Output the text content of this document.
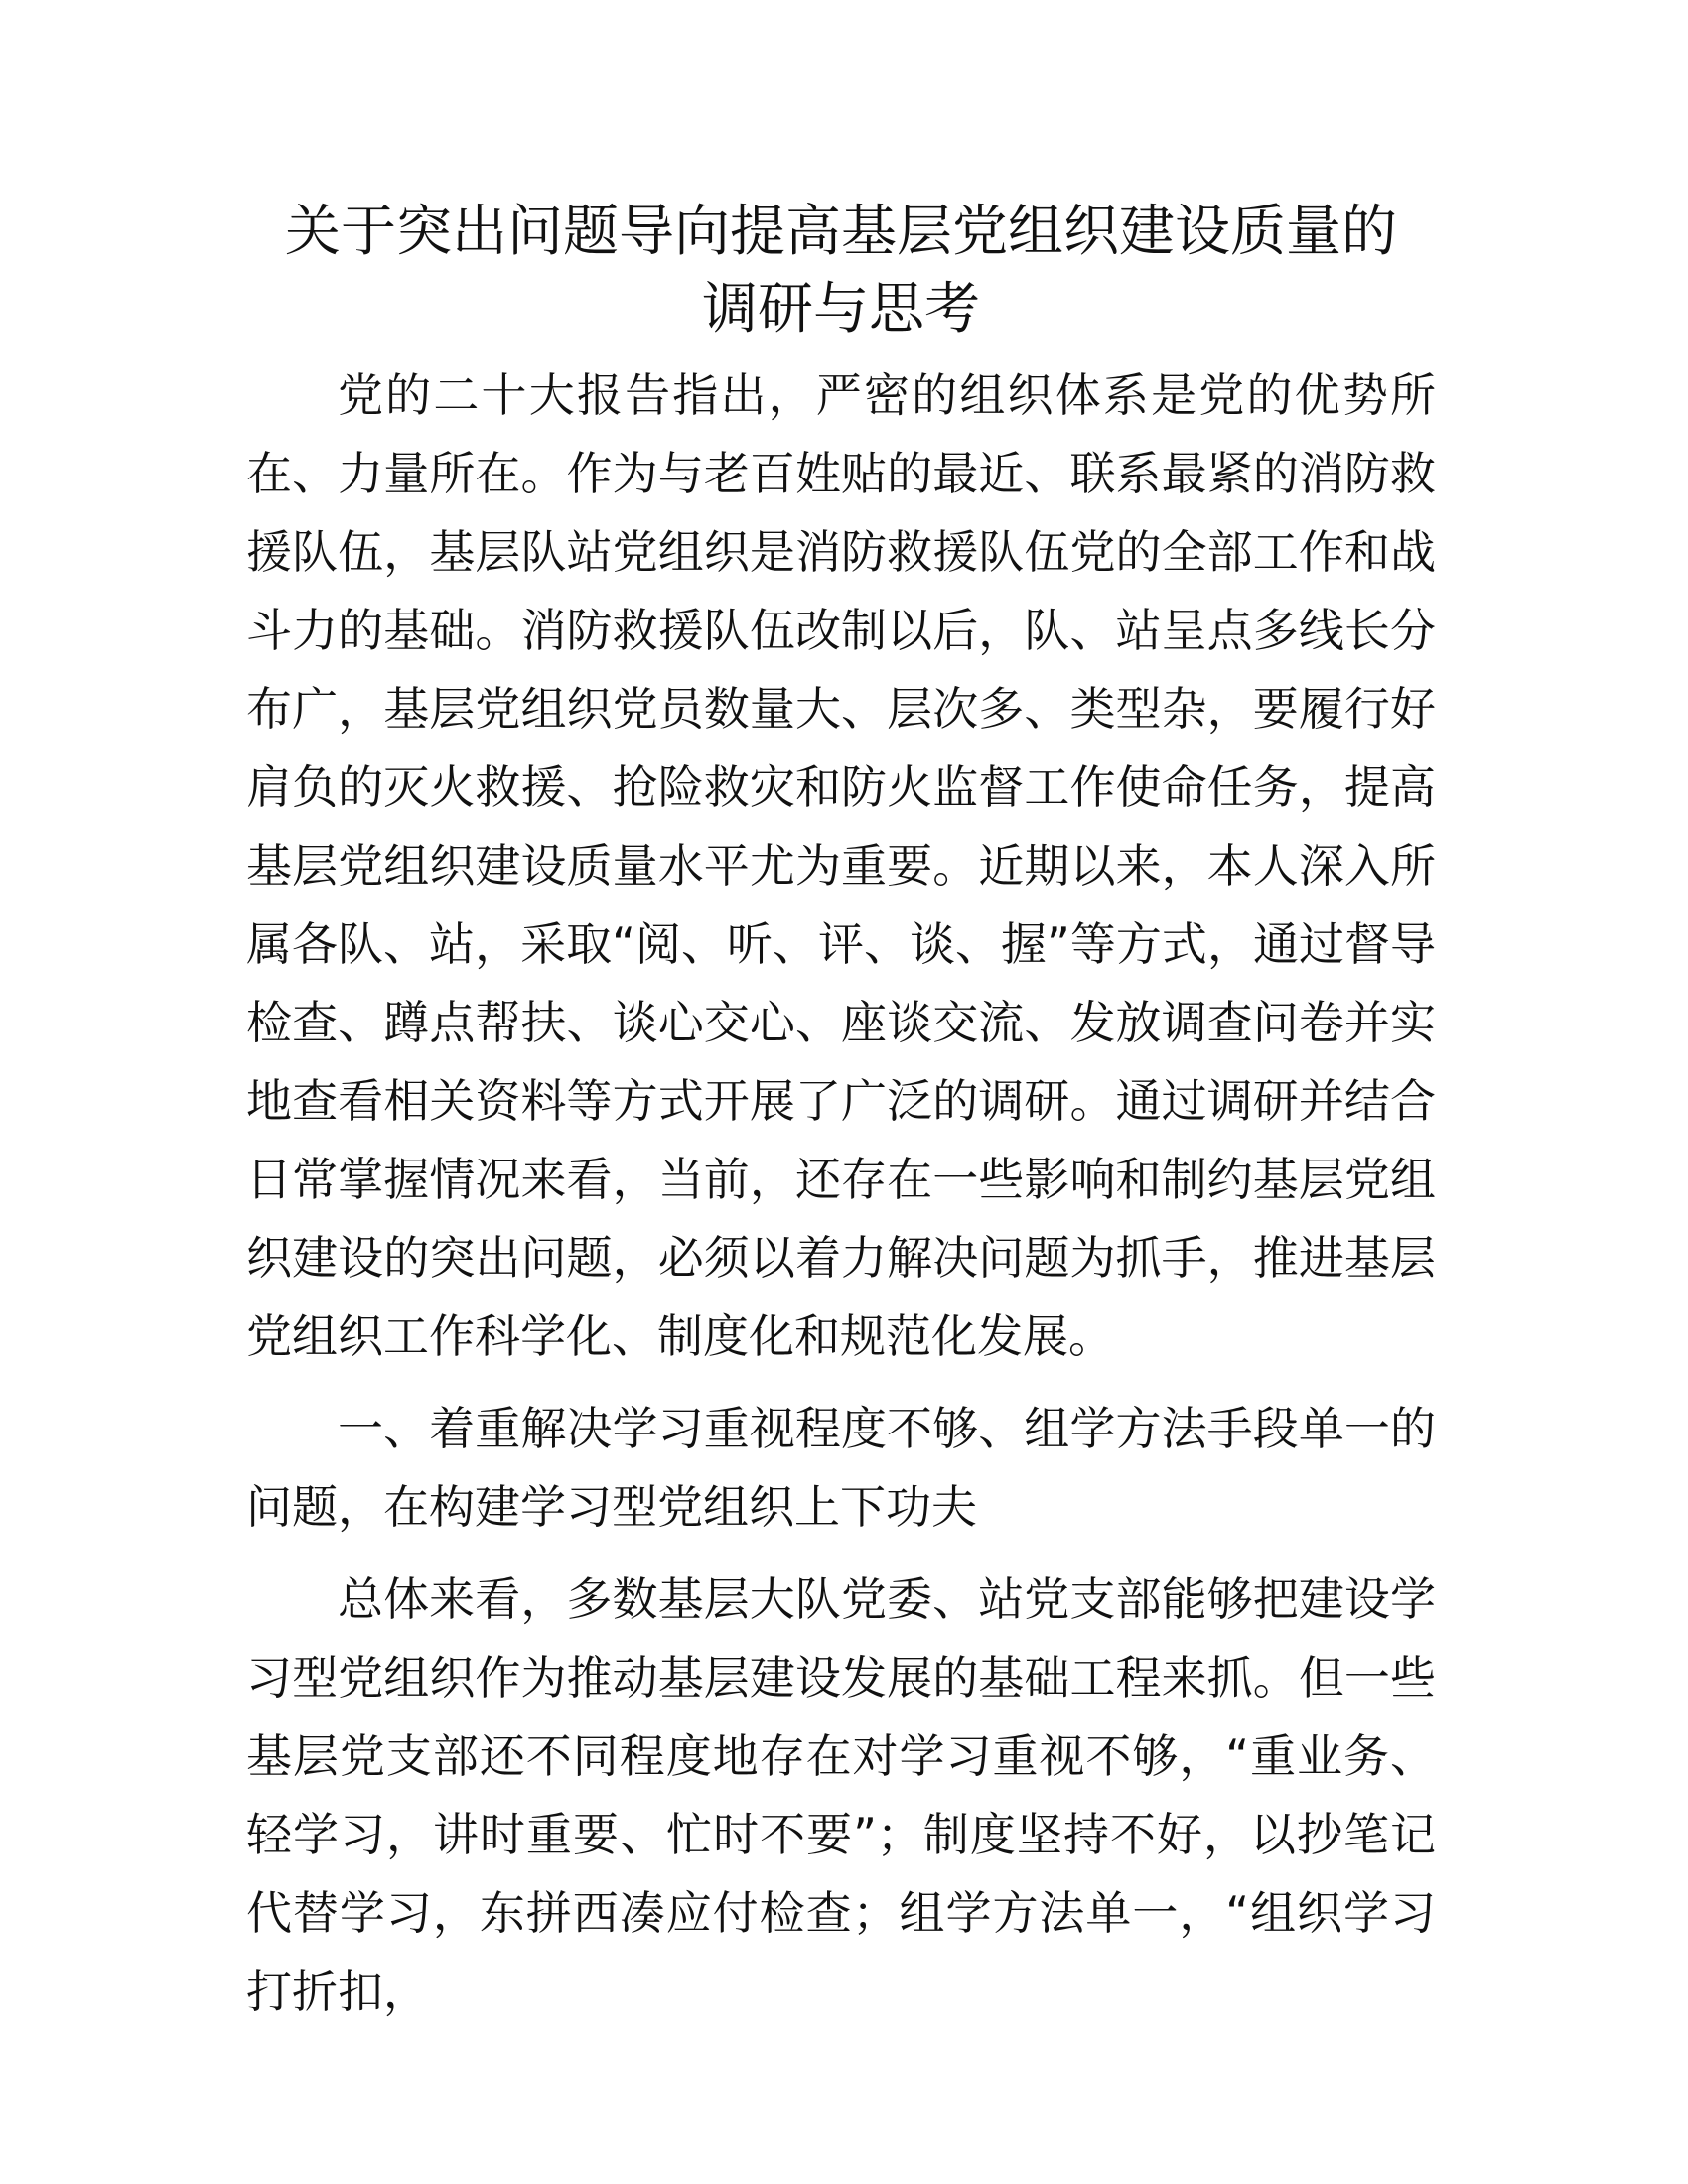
关于突出问题导向提高基层党组织建设质量的
调研与思考

党的二十大报告指出，严密的组织体系是党的优势所在、力量所在。作为与老百姓贴的最近、联系最紧的消防救援队伍，基层队站党组织是消防救援队伍党的全部工作和战斗力的基础。消防救援队伍改制以后，队、站呈点多线长分布广，基层党组织党员数量大、层次多、类型杂，要履行好肩负的灭火救援、抢险救灾和防火监督工作使命任务，提高基层党组织建设质量水平尤为重要。近期以来，本人深入所属各队、站，采取“阅、听、评、谈、握”等方式，通过督导检查、蹲点帮扶、谈心交心、座谈交流、发放调查问卷并实地查看相关资料等方式开展了广泛的调研。通过调研并结合日常掌握情况来看，当前，还存在一些影响和制约基层党组织建设的突出问题，必须以着力解决问题为抓手，推进基层党组织工作科学化、制度化和规范化发展。

一、着重解决学习重视程度不够、组学方法手段单一的问题，在构建学习型党组织上下功夫

总体来看，多数基层大队党委、站党支部能够把建设学习型党组织作为推动基层建设发展的基础工程来抓。但一些基层党支部还不同程度地存在对学习重视不够，“重业务、轻学习，讲时重要、忙时不要”；制度坚持不好，以抄笔记代替学习，东拼西凑应付检查；组学方法单一，“组织学习打折扣，
